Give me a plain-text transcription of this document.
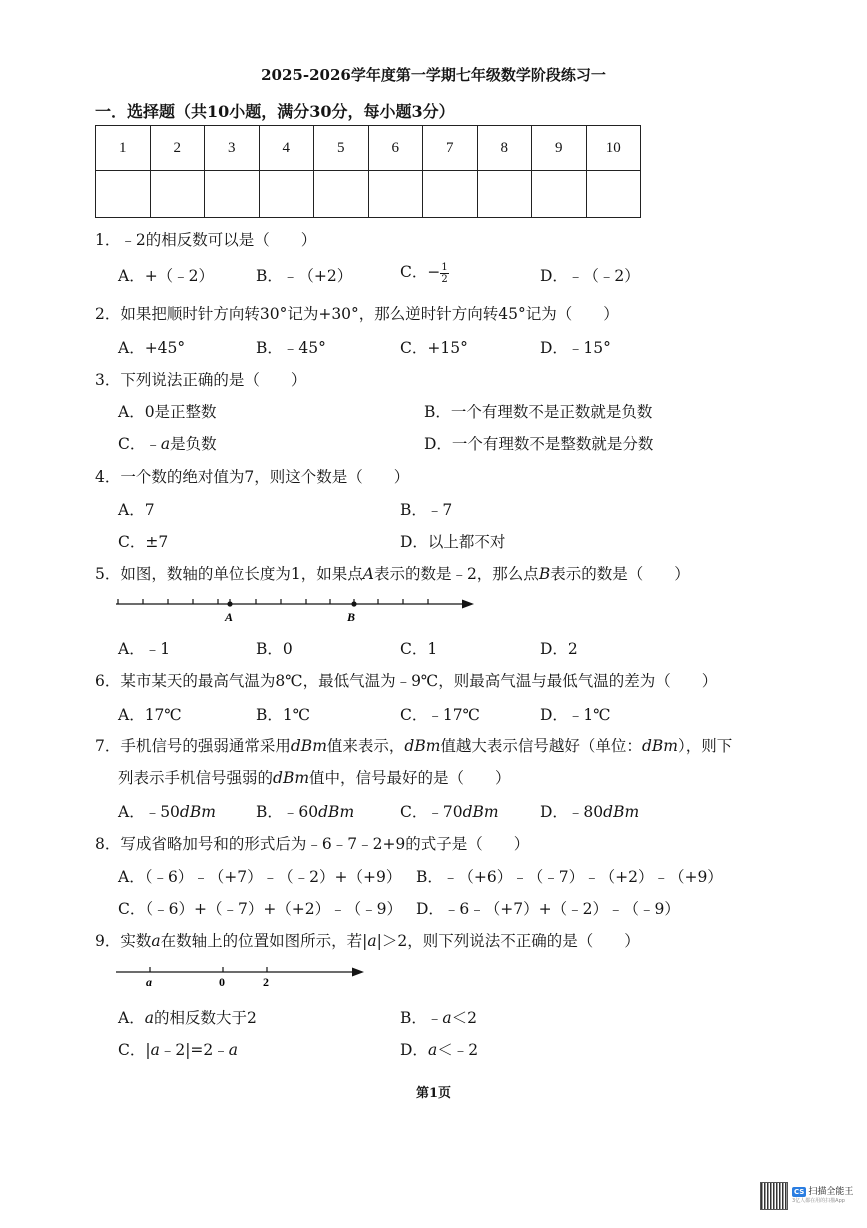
2025-2026学年度第一学期七年级数学阶段练习一
一．选择题（共10小题，满分30分，每小题3分）
1	2	3	4	5	6	7	8	9	10

1．﹣2的相反数可以是（　　）
A．+（﹣2）	B．﹣（+2）	C．− $\frac{1}{2}$	D．﹣（﹣2）
2．如果把顺时针方向转30°记为+30°，那么逆时针方向转45°记为（　　）
A．+45°	B．﹣45°	C．+15°	D．﹣15°
3．下列说法正确的是（　　）
A．0是正整数	B．一个有理数不是正数就是负数
C．﹣a是负数	D．一个有理数不是整数就是分数
4．一个数的绝对值为7，则这个数是（　　）
A．7	B．﹣7
C．±7	D．以上都不对
5．如图，数轴的单位长度为1，如果点A表示的数是﹣2，那么点B表示的数是（　　）
A	B
A．﹣1	B．0	C．1	D．2
6．某市某天的最高气温为8℃，最低气温为﹣9℃，则最高气温与最低气温的差为（　　）
A．17℃	B．1℃	C．﹣17℃	D．﹣1℃
7．手机信号的强弱通常采用dBm值来表示，dBm值越大表示信号越好（单位：dBm），则下
列表示手机信号强弱的dBm值中，信号最好的是（　　）
A．﹣50dBm	B．﹣60dBm	C．﹣70dBm	D．﹣80dBm
8．写成省略加号和的形式后为﹣6﹣7﹣2+9的式子是（　　）
A．（﹣6）﹣（+7）﹣（﹣2）+（+9） B．﹣（+6）﹣（﹣7）﹣（+2）﹣（+9）
C．（﹣6）+（﹣7）+（+2）﹣（﹣9） D．﹣6﹣（+7）+（﹣2）﹣（﹣9）
9．实数a在数轴上的位置如图所示，若|a|＞2，则下列说法不正确的是（　　）
a	0	2
A．a的相反数大于2	B．﹣a＜2
C．|a﹣2|=2﹣a	D．a＜﹣2
第1页
CS 扫描全能王
3亿人都在用的扫描App
